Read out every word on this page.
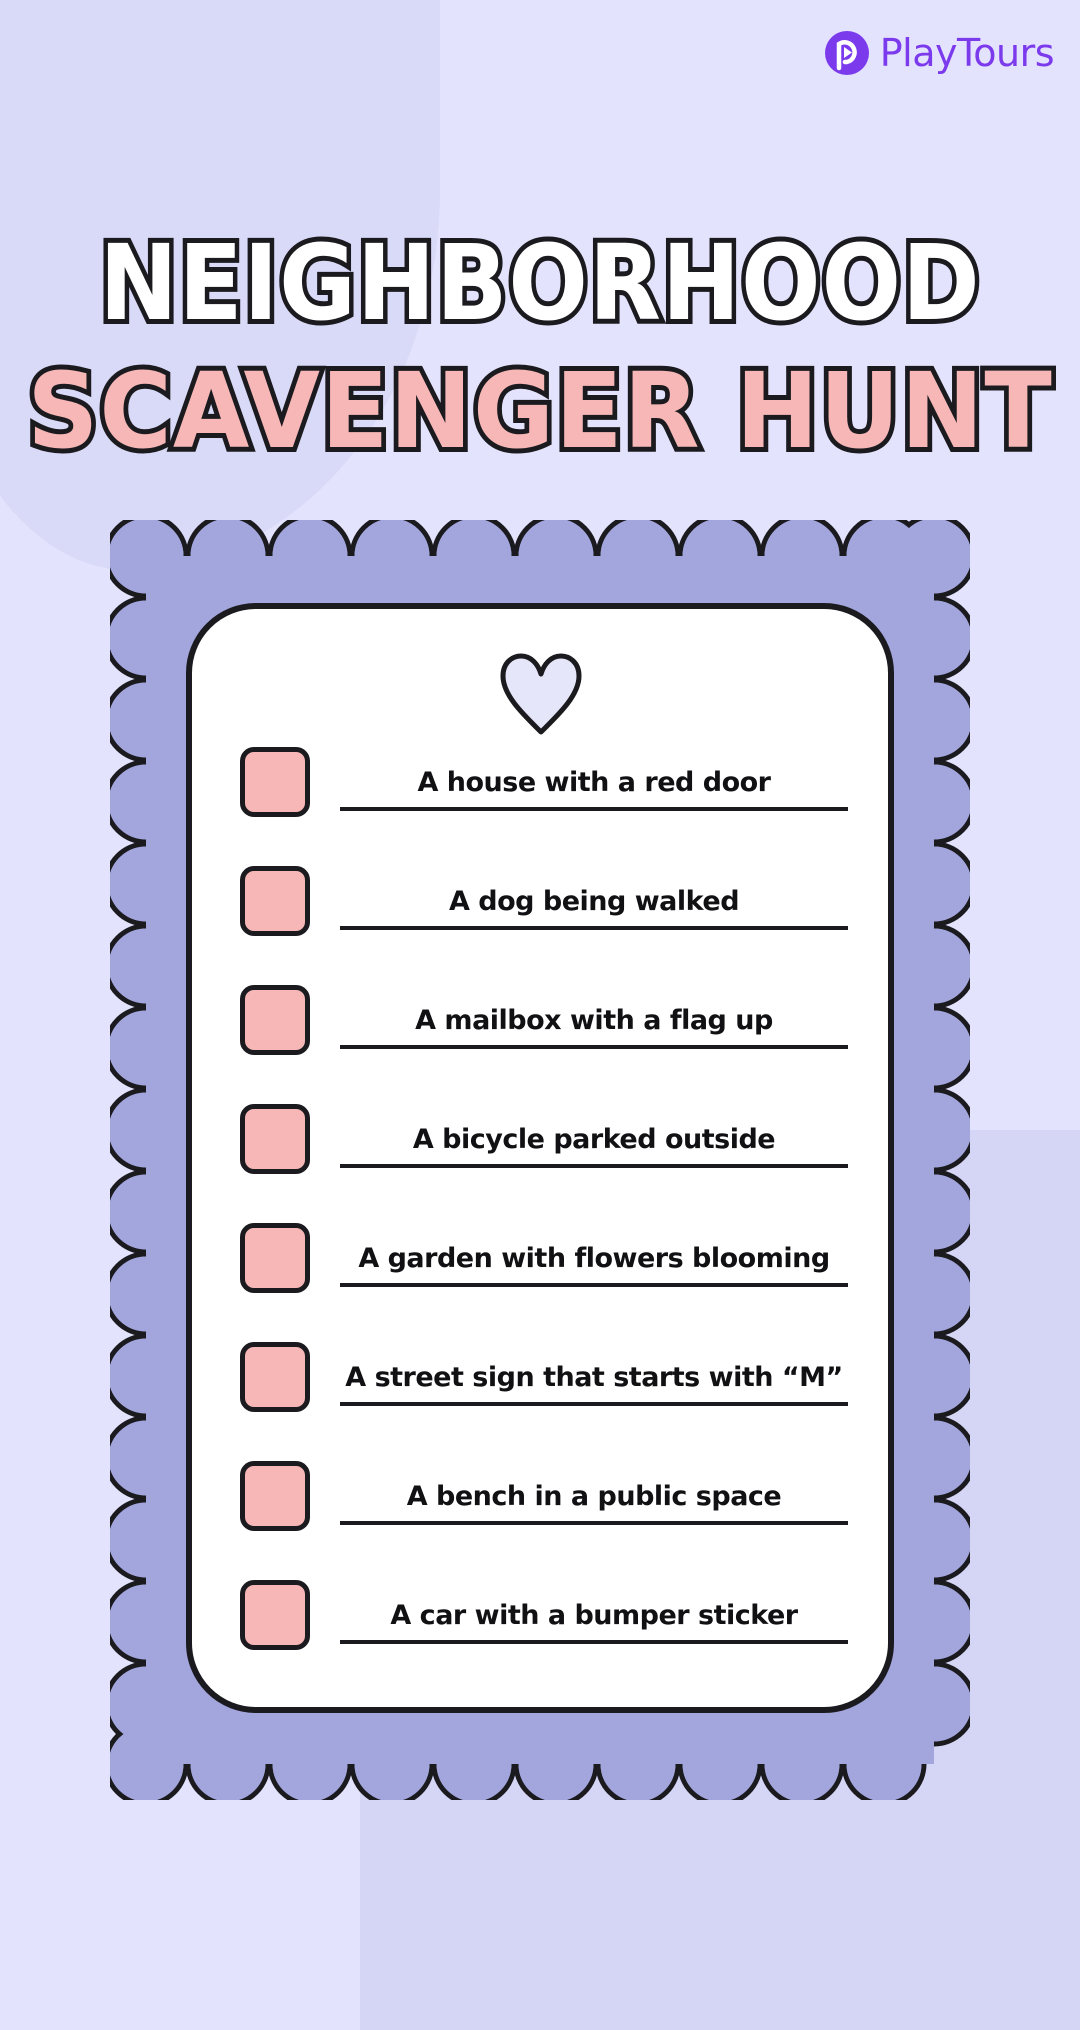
PlayTours
NEIGHBORHOOD
SCAVENGER HUNT
A house with a red door
A dog being walked
A mailbox with a flag up
A bicycle parked outside
A garden with flowers blooming
A street sign that starts with “M”
A bench in a public space
A car with a bumper sticker
